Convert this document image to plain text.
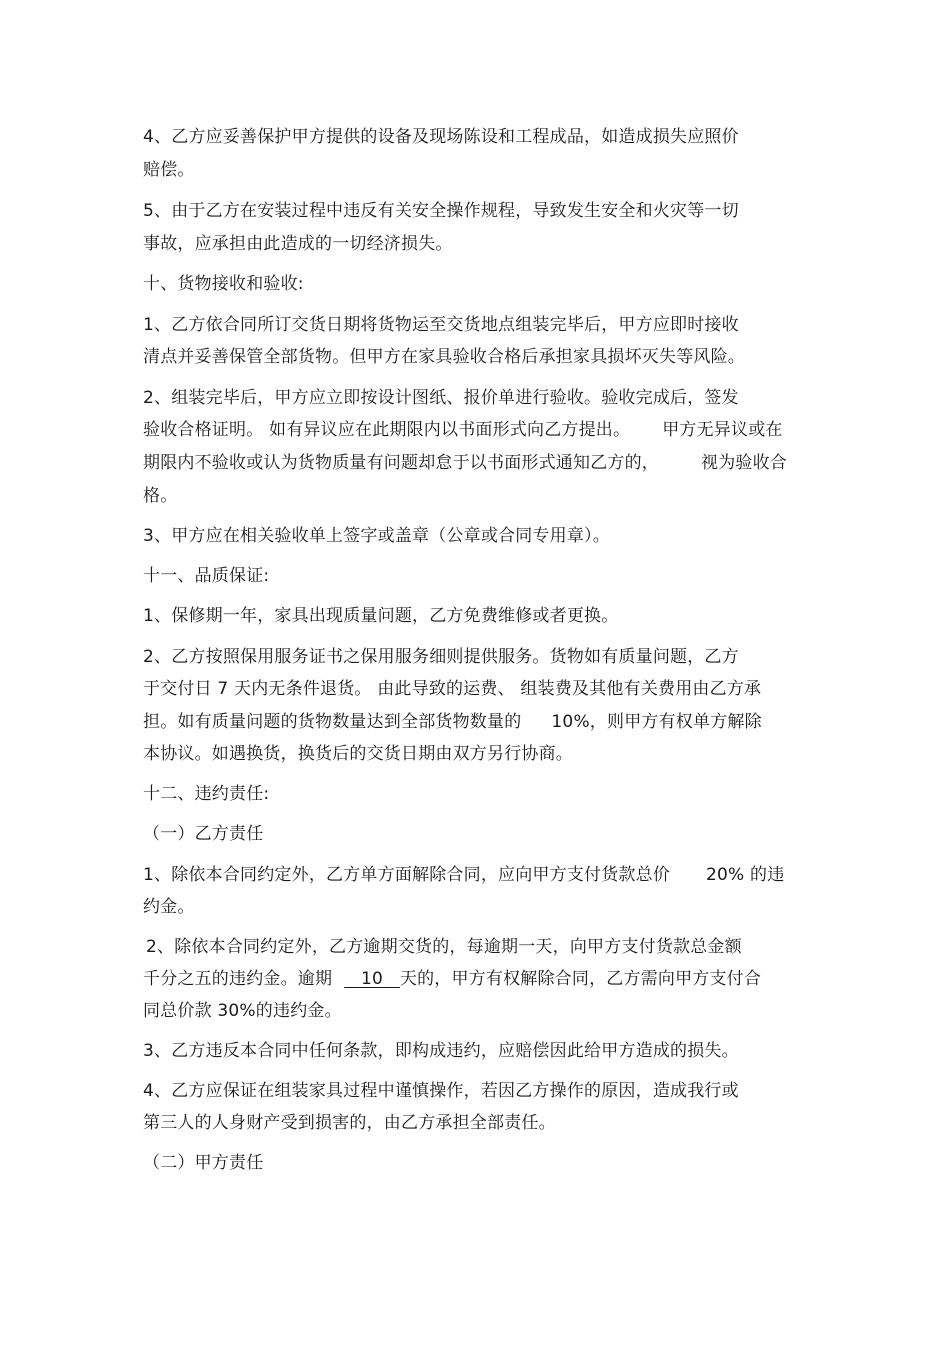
4、乙方应妥善保护甲方提供的设备及现场陈设和工程成品，如造成损失应照价

赔偿。

5、由于乙方在安装过程中违反有关安全操作规程，导致发生安全和火灾等一切

事故，应承担由此造成的一切经济损失。

十、货物接收和验收:

1、乙方依合同所订交货日期将货物运至交货地点组装完毕后，甲方应即时接收

清点并妥善保管全部货物。但甲方在家具验收合格后承担家具损坏灭失等风险。

2、组装完毕后，甲方应立即按设计图纸、报价单进行验收。验收完成后，签发

验收合格证明。 如有异议应在此期限内以书面形式向乙方提出。 甲方无异议或在

期限内不验收或认为货物质量有问题却怠于以书面形式通知乙方的， 视为验收合

格。

3、甲方应在相关验收单上签字或盖章（公章或合同专用章）。

十一、品质保证:

1、保修期一年，家具出现质量问题，乙方免费维修或者更换。

2、乙方按照保用服务证书之保用服务细则提供服务。货物如有质量问题，乙方

于交付日 7 天内无条件退货。 由此导致的运费、 组装费及其他有关费用由乙方承

担。如有质量问题的货物数量达到全部货物数量的 10%，则甲方有权单方解除

本协议。如遇换货，换货后的交货日期由双方另行协商。

十二、违约责任:

（一）乙方责任

1、除依本合同约定外，乙方单方面解除合同，应向甲方支付货款总价 20% 的违

约金。

2、除依本合同约定外，乙方逾期交货的，每逾期一天，向甲方支付货款总金额

千分之五的违约金。逾期 10 天的，甲方有权解除合同，乙方需向甲方支付合

同总价款 30%的违约金。

3、乙方违反本合同中任何条款，即构成违约，应赔偿因此给甲方造成的损失。

4、乙方应保证在组装家具过程中谨慎操作，若因乙方操作的原因，造成我行或

第三人的人身财产受到损害的，由乙方承担全部责任。

（二）甲方责任
